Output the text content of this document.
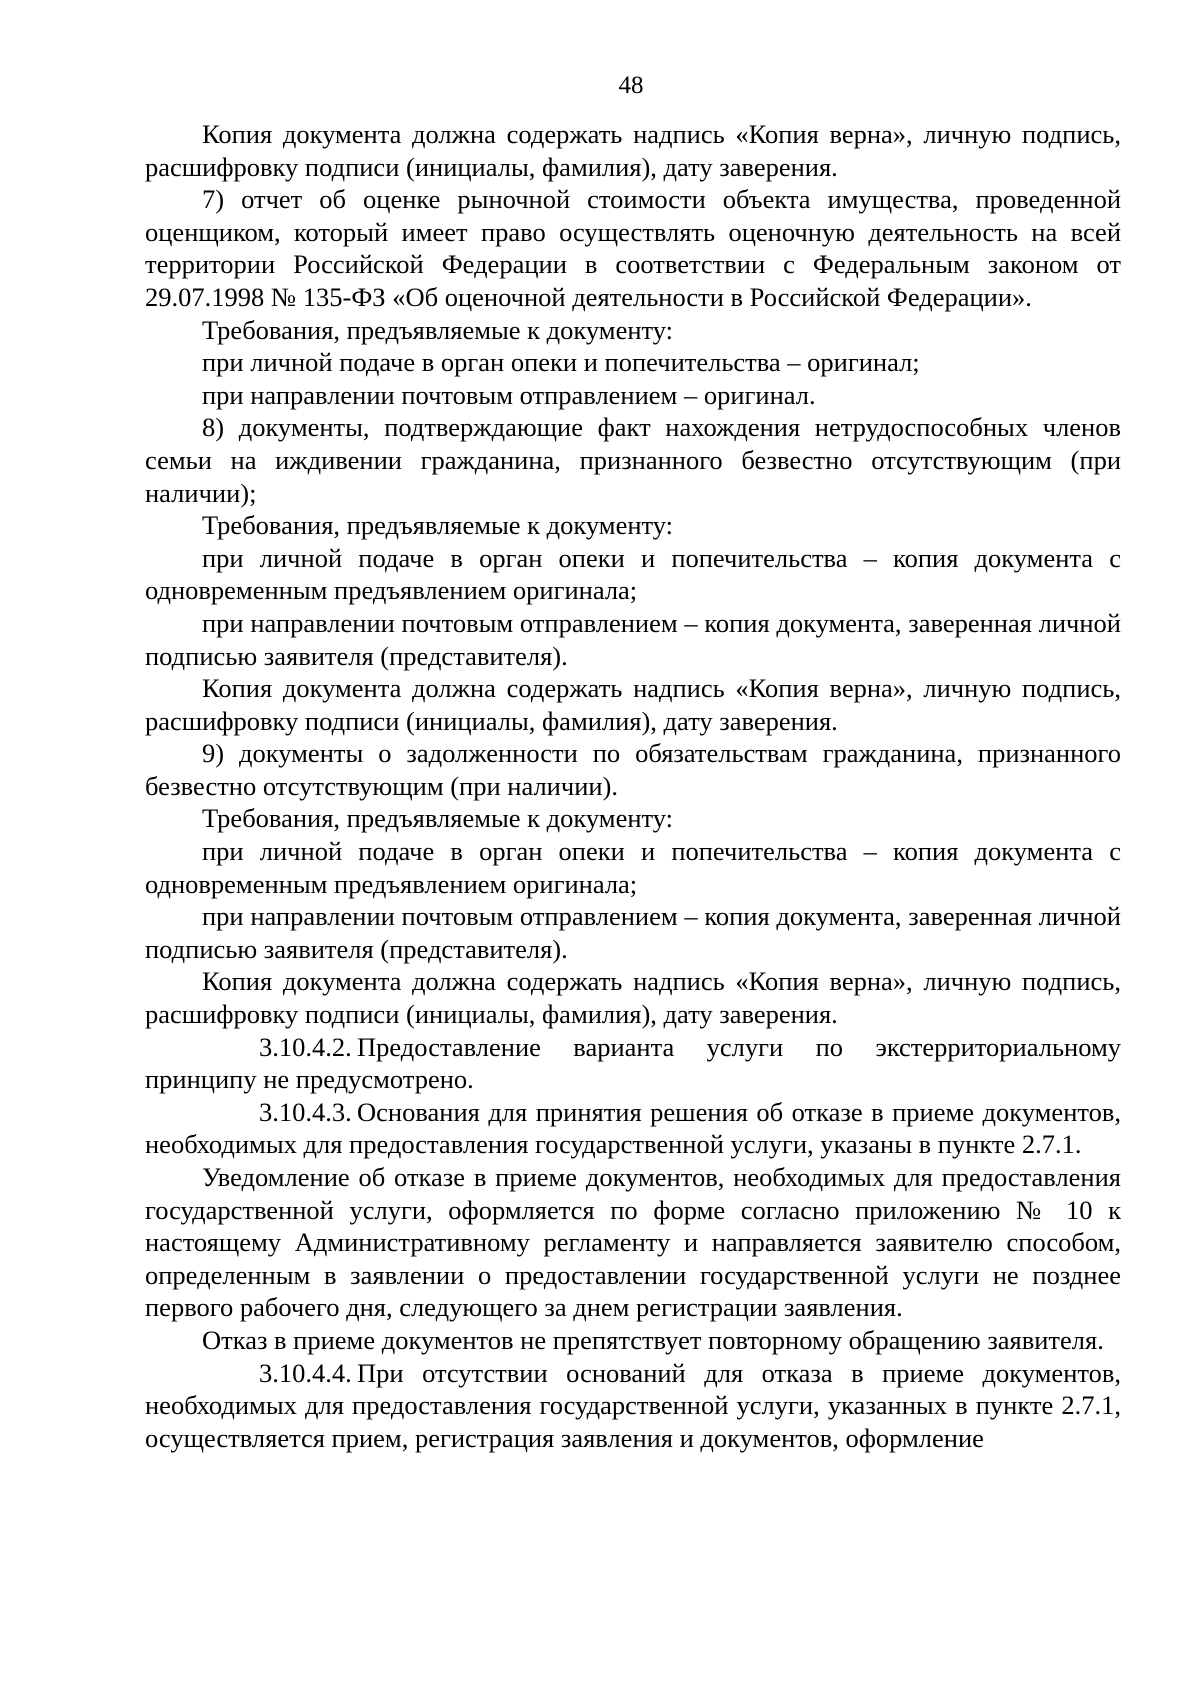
48

Копия документа должна содержать надпись «Копия верна», личную подпись, расшифровку подписи (инициалы, фамилия), дату заверения.

7) отчет об оценке рыночной стоимости объекта имущества, проведенной оценщиком, который имеет право осуществлять оценочную деятельность на всей территории Российской Федерации в соответствии с Федеральным законом от 29.07.1998 № 135-ФЗ «Об оценочной деятельности в Российской Федерации».

Требования, предъявляемые к документу:

при личной подаче в орган опеки и попечительства – оригинал;

при направлении почтовым отправлением – оригинал.

8) документы, подтверждающие факт нахождения нетрудоспособных членов семьи на иждивении гражданина, признанного безвестно отсутствующим (при наличии);

Требования, предъявляемые к документу:

при личной подаче в орган опеки и попечительства – копия документа с одновременным предъявлением оригинала;

при направлении почтовым отправлением – копия документа, заверенная личной подписью заявителя (представителя).

Копия документа должна содержать надпись «Копия верна», личную подпись, расшифровку подписи (инициалы, фамилия), дату заверения.

9) документы о задолженности по обязательствам гражданина, признанного безвестно отсутствующим (при наличии).

Требования, предъявляемые к документу:

при личной подаче в орган опеки и попечительства – копия документа с одновременным предъявлением оригинала;

при направлении почтовым отправлением – копия документа, заверенная личной подписью заявителя (представителя).

Копия документа должна содержать надпись «Копия верна», личную подпись, расшифровку подписи (инициалы, фамилия), дату заверения.

3.10.4.2. Предоставление варианта услуги по экстерриториальному принципу не предусмотрено.

3.10.4.3. Основания для принятия решения об отказе в приеме документов, необходимых для предоставления государственной услуги, указаны в пункте 2.7.1.

Уведомление об отказе в приеме документов, необходимых для предоставления государственной услуги, оформляется по форме согласно приложению № 10 к настоящему Административному регламенту и направляется заявителю способом, определенным в заявлении о предоставлении государственной услуги не позднее первого рабочего дня, следующего за днем регистрации заявления.

Отказ в приеме документов не препятствует повторному обращению заявителя.

3.10.4.4. При отсутствии оснований для отказа в приеме документов, необходимых для предоставления государственной услуги, указанных в пункте 2.7.1, осуществляется прием, регистрация заявления и документов, оформление
